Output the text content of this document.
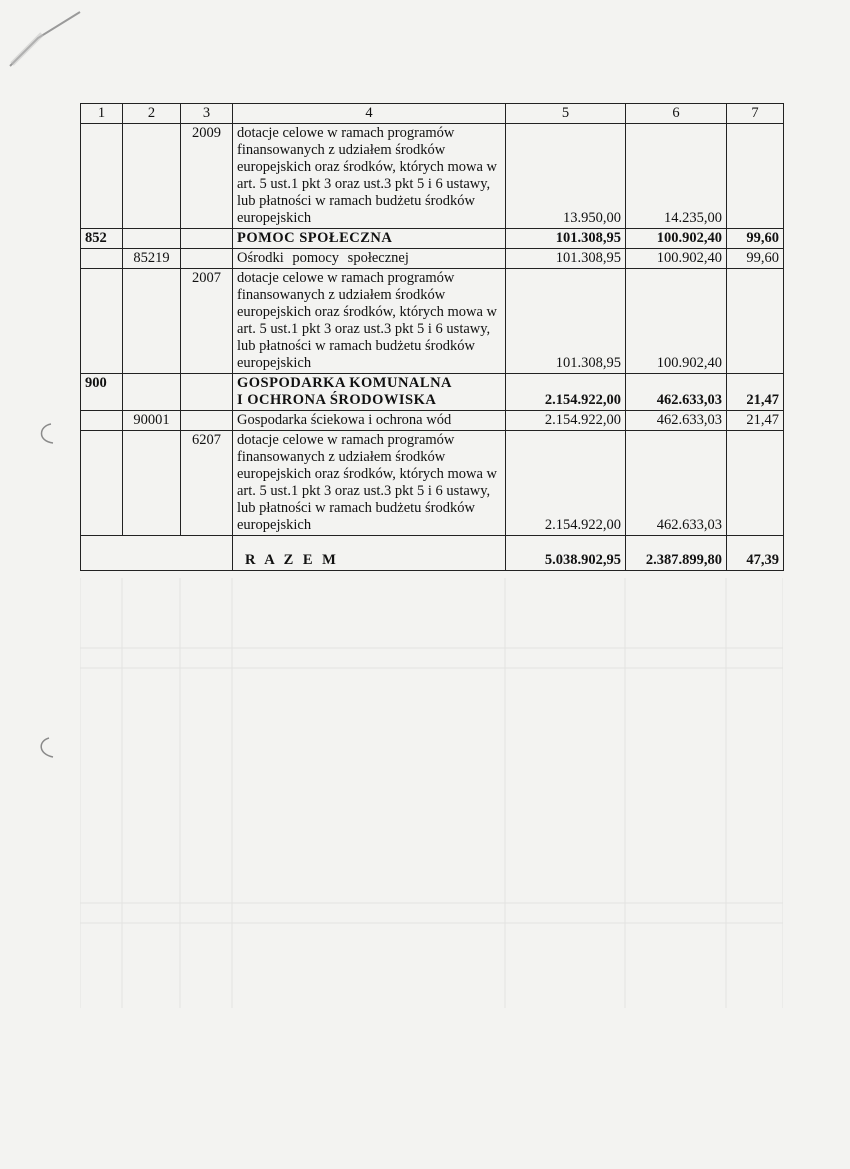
1	2	3	4	5	6	7
		2009	dotacje celowe w ramach programów finansowanych z udziałem środków europejskich oraz środków, których mowa w art. 5 ust.1 pkt 3 oraz ust.3 pkt 5 i 6 ustawy, lub płatności w ramach budżetu środków europejskich	13.950,00	14.235,00	
852			POMOC SPOŁECZNA	101.308,95	100.902,40	99,60
	85219		Ośrodki pomocy społecznej	101.308,95	100.902,40	99,60
		2007	dotacje celowe w ramach programów finansowanych z udziałem środków europejskich oraz środków, których mowa w art. 5 ust.1 pkt 3 oraz ust.3 pkt 5 i 6 ustawy, lub płatności w ramach budżetu środków europejskich	101.308,95	100.902,40	
900			GOSPODARKA KOMUNALNA
I OCHRONA ŚRODOWISKA	2.154.922,00	462.633,03	21,47
	90001		Gospodarka ściekowa i ochrona wód	2.154.922,00	462.633,03	21,47
		6207	dotacje celowe w ramach programów finansowanych z udziałem środków europejskich oraz środków, których mowa w art. 5 ust.1 pkt 3 oraz ust.3 pkt 5 i 6 ustawy, lub płatności w ramach budżetu środków europejskich	2.154.922,00	462.633,03	
			R A Z E M	5.038.902,95	2.387.899,80	47,39
